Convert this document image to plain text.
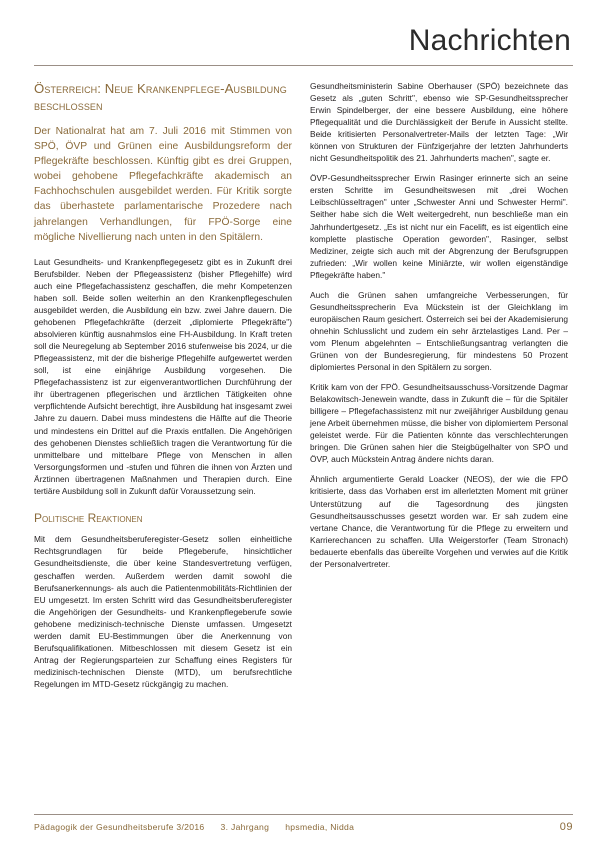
Nachrichten
Österreich: Neue Krankenpflege-Ausbildung beschlossen

Der Nationalrat hat am 7. Juli 2016 mit Stimmen von SPÖ, ÖVP und Grünen eine Ausbildungsreform der Pflegekräfte beschlossen. Künftig gibt es drei Gruppen, wobei gehobene Pflegefachkräfte akademisch an Fachhochschulen ausgebildet werden. Für Kritik sorgte das überhastete parlamentarische Prozedere nach jahrelangen Verhandlungen, für FPÖ-Sorge eine mögliche Nivellierung nach unten in den Spitälern.

Laut Gesundheits- und Krankenpflegegesetz gibt es in Zukunft drei Berufsbilder. Neben der Pflegeassistenz (bisher Pflegehilfe) wird auch eine Pflegefachassistenz geschaffen, die mehr Kompetenzen haben soll. Beide sollen weiterhin an den Krankenpflegeschulen ausgebildet werden, die Ausbildung ein bzw. zwei Jahre dauern. Die gehobenen Pflegefachkräfte (derzeit „diplomierte Pflegekräfte") absolvieren künftig ausnahmslos eine FH-Ausbildung. In Kraft treten soll die Neuregelung ab September 2016 stufenweise bis 2024, ur die Pflegeassistenz, mit der die bisherige Pflegehilfe aufgewertet werden soll, ist eine einjährige Ausbildung vorgesehen. Die Pflegefachassistenz ist zur eigenverantwortlichen Durchführung der ihr übertragenen pflegerischen und ärztlichen Tätigkeiten ohne verpflichtende Aufsicht berechtigt, ihre Ausbildung hat insgesamt zwei Jahre zu dauern. Dabei muss mindestens die Hälfte auf die Theorie und mindestens ein Drittel auf die Praxis entfallen. Die Angehörigen des gehobenen Dienstes schließlich tragen die Verantwortung für die unmittelbare und mittelbare Pflege von Menschen in allen Versorgungsformen und -stufen und führen die ihnen von Ärzten und Ärztinnen übertragenen Maßnahmen und Therapien durch. Eine tertiäre Ausbildung soll in Zukunft dafür Voraussetzung sein.

Politische Reaktionen

Mit dem Gesundheitsberuferegister-Gesetz sollen einheitliche Rechtsgrundlagen für beide Pflegeberufe, hinsichtlicher Gesundheitsdienste, die über keine Standesvertretung verfügen, geschaffen werden. Außerdem werden damit sowohl die Berufsanerkennungs- als auch die Patientenmobilitäts-Richtlinien der EU umgesetzt. Im ersten Schritt wird das Gesundheitsberuferegister die Angehörigen der Gesundheits- und Krankenpflegeberufe sowie gehobene medizinisch-technische Dienste umfassen. Umgesetzt werden damit EU-Bestimmungen über die Anerkennung von Berufsqualifikationen. Mitbeschlossen mit diesem Gesetz ist ein Antrag der Regierungsparteien zur Schaffung eines Registers für medizinisch-technischen Dienste (MTD), um berufsrechtliche Regelungen im MTD-Gesetz rückgängig zu machen.

Gesundheitsministerin Sabine Oberhauser (SPÖ) bezeichnete das Gesetz als „guten Schritt", ebenso wie SP-Gesundheitssprecher Erwin Spindelberger, der eine bessere Ausbildung, eine höhere Pflegequalität und die Durchlässigkeit der Berufe in Aussicht stellte. Beide kritisierten Personalvertreter-Mails der letzten Tage: „Wir können von Strukturen der Fünfzigerjahre der letzten Jahrhunderts nicht Gesundheitspolitik des 21. Jahrhunderts machen", sagte er.

ÖVP-Gesundheitssprecher Erwin Rasinger erinnerte sich an seine ersten Schritte im Gesundheitswesen mit „drei Wochen Leibschlüsseltragen" unter „Schwester Anni und Schwester Hermi". Seither habe sich die Welt weitergedreht, nun beschließe man ein Jahrhundertgesetz. „Es ist nicht nur ein Facelift, es ist eigentlich eine komplette plastische Operation geworden", Rasinger, selbst Mediziner, zeigte sich auch mit der Abgrenzung der Berufsgruppen zufrieden: „Wir wollen keine Miniärzte, wir wollen eigenständige Pflegekräfte haben."

Auch die Grünen sahen umfangreiche Verbesserungen, für Gesundheitssprecherin Eva Mückstein ist der Gleichklang im europäischen Raum gesichert. Österreich sei bei der Akademisierung ohnehin Schlusslicht und zudem ein sehr ärztelastiges Land. Per – vom Plenum abgelehnten – Entschließungsantrag verlangten die Grünen von der Bundesregierung, für mindestens 50 Prozent diplomiertes Personal in den Spitälern zu sorgen.

Kritik kam von der FPÖ. Gesundheitsausschuss-Vorsitzende Dagmar Belakowitsch-Jenewein wandte, dass in Zukunft die – für die Spitäler billigere – Pflegefachassistenz mit nur zweijähriger Ausbildung genau jene Arbeit übernehmen müsse, die bisher von diplomiertem Personal geleistet werde. Für die Patienten könnte das verschlechterungen bringen. Die Grünen sahen hier die Steigbügelhalter von SPÖ und ÖVP, auch Mückstein Antrag ändere nichts daran.

Ähnlich argumentierte Gerald Loacker (NEOS), der wie die FPÖ kritisierte, dass das Vorhaben erst im allerletzten Moment mit grüner Unterstützung auf die Tagesordnung des jüngsten Gesundheitsausschusses gesetzt worden war. Er sah zudem eine vertane Chance, die Verantwortung für die Pflege zu erweitern und Karrierechancen zu schaffen. Ulla Weigerstorfer (Team Stronach) bedauerte ebenfalls das übereilte Vorgehen und verwies auf die Kritik der Personalvertreter.

Pädagogik der Gesundheitsberufe 3/2016 3. Jahrgang hpsmedia, Nidda	09
